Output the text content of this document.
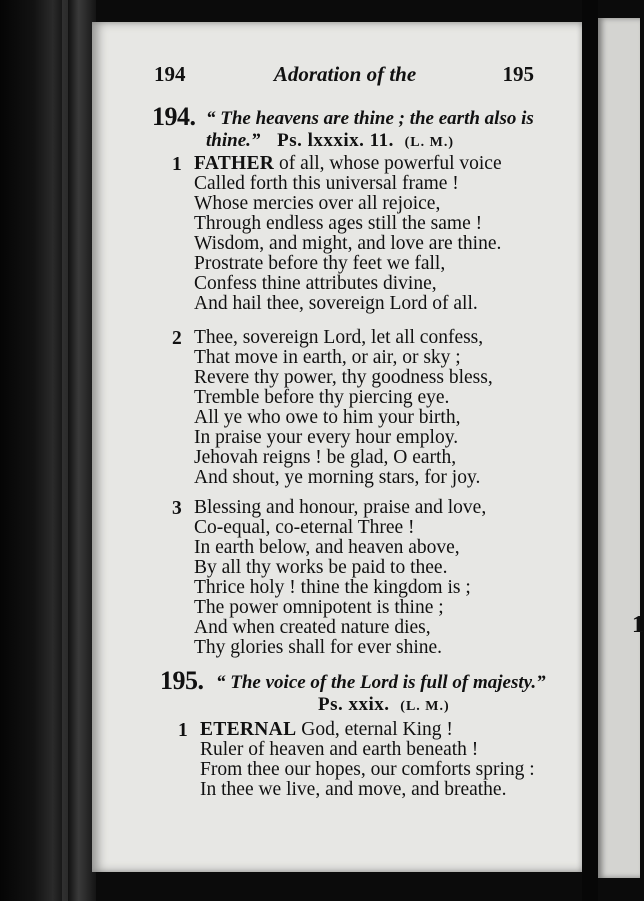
1
194	Adoration of the	195
194. “ The heavens are thine ; the earth also is
thine.” Ps. lxxxix. 11. (L. M.)
1 FATHER of all, whose powerful voice
Called forth this universal frame !
Whose mercies over all rejoice,
Through endless ages still the same !
Wisdom, and might, and love are thine.
Prostrate before thy feet we fall,
Confess thine attributes divine,
And hail thee, sovereign Lord of all.
2 Thee, sovereign Lord, let all confess,
That move in earth, or air, or sky ;
Revere thy power, thy goodness bless,
Tremble before thy piercing eye.
All ye who owe to him your birth,
In praise your every hour employ.
Jehovah reigns ! be glad, O earth,
And shout, ye morning stars, for joy.
3 Blessing and honour, praise and love,
Co-equal, co-eternal Three !
In earth below, and heaven above,
By all thy works be paid to thee.
Thrice holy ! thine the kingdom is ;
The power omnipotent is thine ;
And when created nature dies,
Thy glories shall for ever shine.
195. “ The voice of the Lord is full of majesty.”
Ps. xxix. (L. M.)
1 ETERNAL God, eternal King !
Ruler of heaven and earth beneath !
From thee our hopes, our comforts spring :
In thee we live, and move, and breathe.
